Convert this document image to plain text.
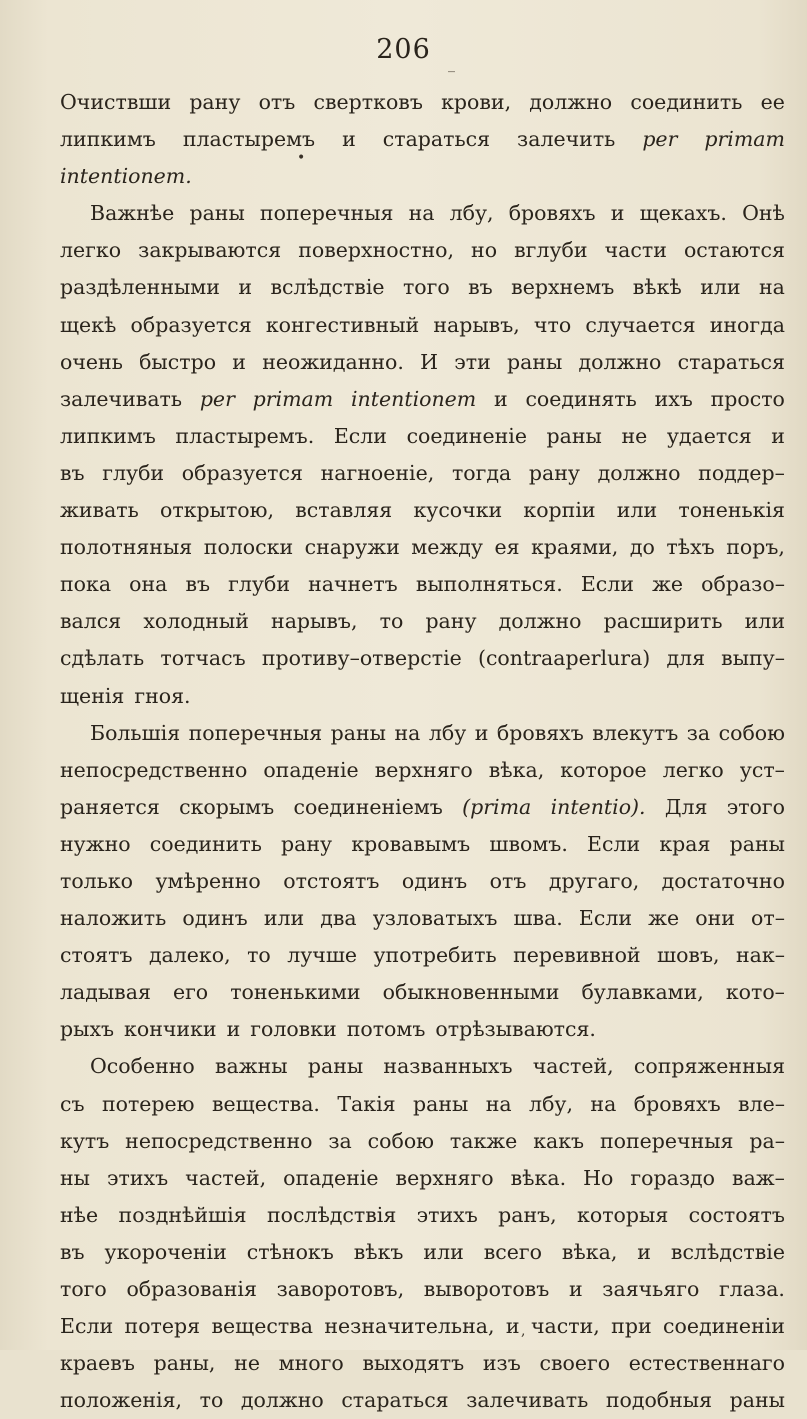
206
‾
•
,
Очиствши рану отъ свертковъ крови, должно соединить ее
липкимъ пластыремъ и стараться залечить per primam
intentionem.
Важнѣе раны поперечныя на лбу, бровяхъ и щекахъ. Онѣ
легко закрываются поверхностно, но вглуби части остаются
раздѣленными и вслѣдствіе того въ верхнемъ вѣкѣ или на
щекѣ образуется конгестивный нарывъ, что случается иногда
очень быстро и неожиданно. И эти раны должно стараться
залечивать per primam intentionem и соединять ихъ просто
липкимъ пластыремъ. Если соединеніе раны не удается и
въ глуби образуется нагноеніе, тогда рану должно поддер–
живать открытою, вставляя кусочки корпіи или тоненькія
полотняныя полоски снаружи между ея краями, до тѣхъ поръ,
пока она въ глуби начнетъ выполняться. Если же образо–
вался холодный нарывъ, то рану должно расширить или
сдѣлать тотчасъ противу–отверстіе (contraaperlura) для выпу–
щенія гноя.
Большія поперечныя раны на лбу и бровяхъ влекутъ за собою
непосредственно опаденіе верхняго вѣка, которое легко уст–
раняется скорымъ соединеніемъ (prima intentio). Для этого
нужно соединить рану кровавымъ швомъ. Если края раны
только умѣренно отстоятъ одинъ отъ другаго, достаточно
наложить одинъ или два узловатыхъ шва. Если же они от–
стоятъ далеко, то лучше употребить перевивной шовъ, нак–
ладывая его тоненькими обыкновенными булавками, кото–
рыхъ кончики и головки потомъ отрѣзываются.
Особенно важны раны названныхъ частей, сопряженныя
съ потерею вещества. Такія раны на лбу, на бровяхъ вле–
кутъ непосредственно за собою также какъ поперечныя ра–
ны этихъ частей, опаденіе верхняго вѣка. Но гораздо важ–
нѣе позднѣйшія послѣдствія этихъ ранъ, которыя состоятъ
въ укороченіи стѣнокъ вѣкъ или всего вѣка, и вслѣдствіе
того образованія заворотовъ, выворотовъ и заячьяго глаза.
Если потеря вещества незначительна, и части, при соединеніи
краевъ раны, не много выходятъ изъ своего естественнаго
положенія, то должно стараться залечивать подобныя раны
